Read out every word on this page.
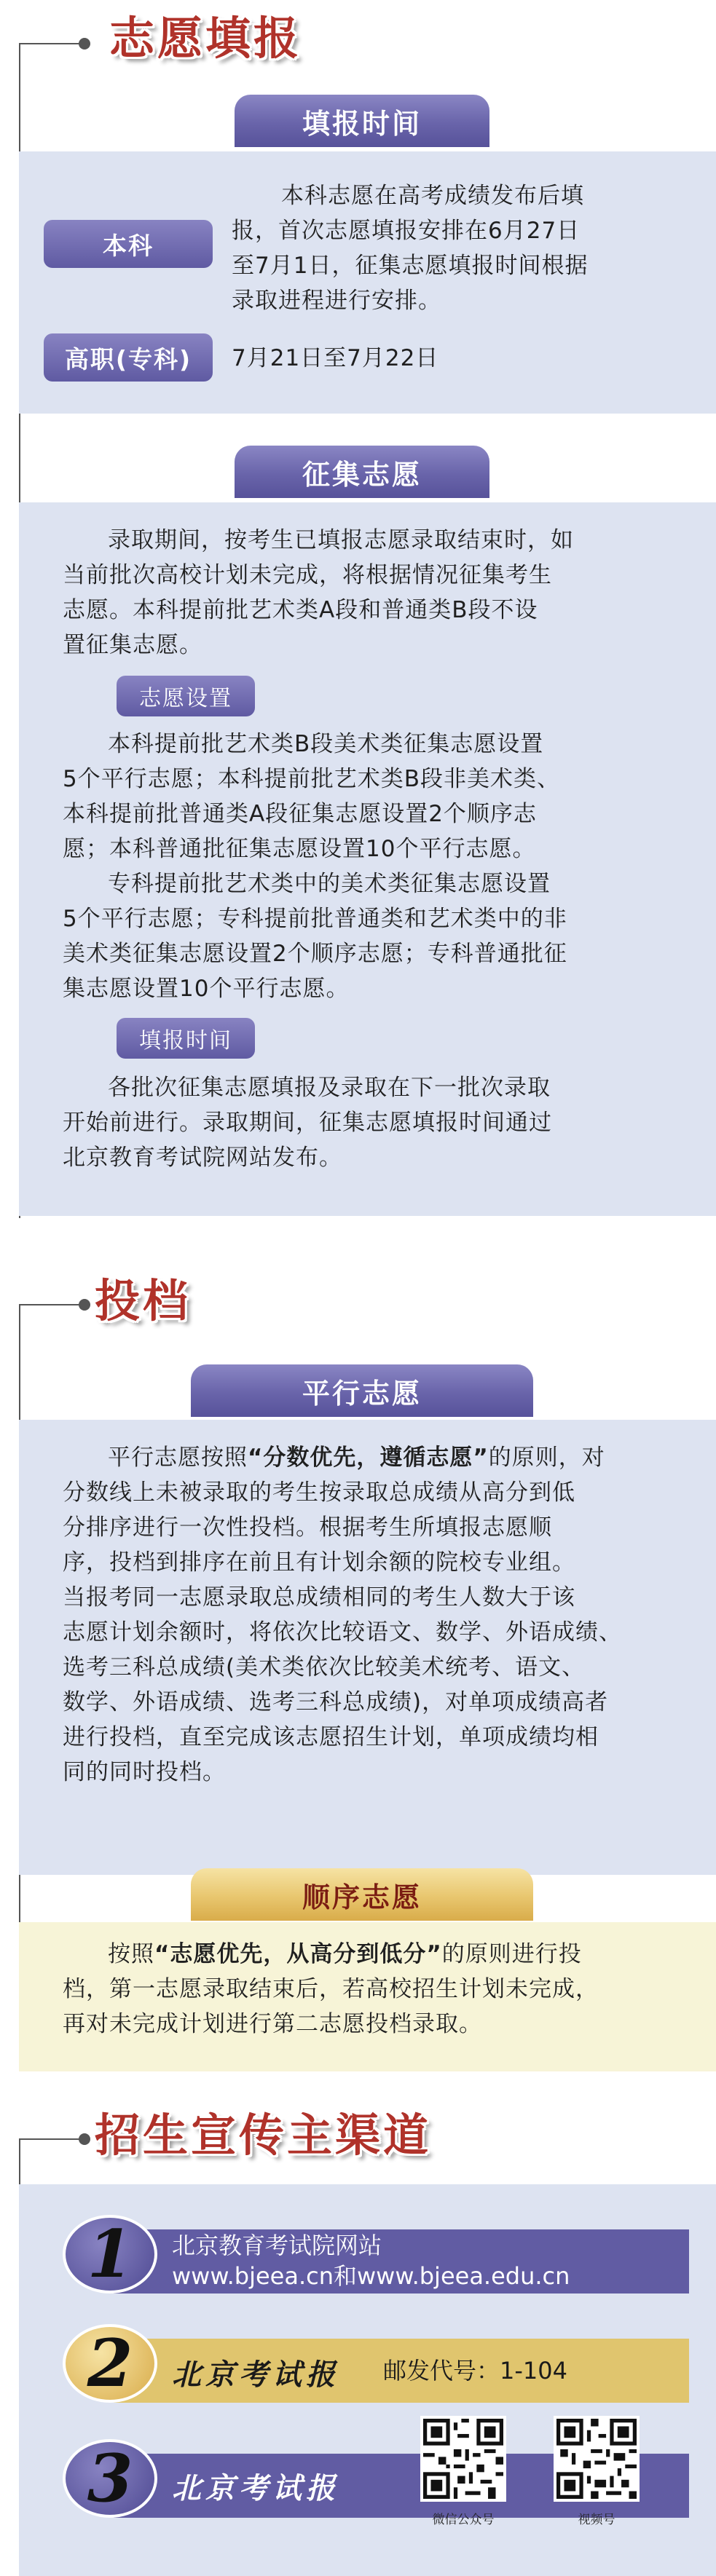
志愿填报
填报时间
本科
本科志愿在高考成绩发布后填
报，首次志愿填报安排在6月27日
至7月1日，征集志愿填报时间根据
录取进程进行安排。
高职(专科)	7月21日至7月22日
征集志愿
录取期间，按考生已填报志愿录取结束时，如
当前批次高校计划未完成，将根据情况征集考生
志愿。本科提前批艺术类A段和普通类B段不设
置征集志愿。
志愿设置
本科提前批艺术类B段美术类征集志愿设置
5个平行志愿；本科提前批艺术类B段非美术类、
本科提前批普通类A段征集志愿设置2个顺序志
愿；本科普通批征集志愿设置10个平行志愿。
专科提前批艺术类中的美术类征集志愿设置
5个平行志愿；专科提前批普通类和艺术类中的非
美术类征集志愿设置2个顺序志愿；专科普通批征
集志愿设置10个平行志愿。
填报时间
各批次征集志愿填报及录取在下一批次录取
开始前进行。录取期间，征集志愿填报时间通过
北京教育考试院网站发布。
投档
平行志愿
平行志愿按照“分数优先，遵循志愿”的原则，对
分数线上未被录取的考生按录取总成绩从高分到低
分排序进行一次性投档。根据考生所填报志愿顺
序，投档到排序在前且有计划余额的院校专业组。
当报考同一志愿录取总成绩相同的考生人数大于该
志愿计划余额时，将依次比较语文、数学、外语成绩、
选考三科总成绩(美术类依次比较美术统考、语文、
数学、外语成绩、选考三科总成绩)，对单项成绩高者
进行投档，直至完成该志愿招生计划，单项成绩均相
同的同时投档。
顺序志愿
按照“志愿优先，从高分到低分”的原则进行投
档，第一志愿录取结束后，若高校招生计划未完成，
再对未完成计划进行第二志愿投档录取。
招生宣传主渠道
1	北京教育考试院网站
www.bjeea.cn和www.bjeea.edu.cn
2	北京考试报 邮发代号：1-104
3	北京考试报
微信公众号	视频号
